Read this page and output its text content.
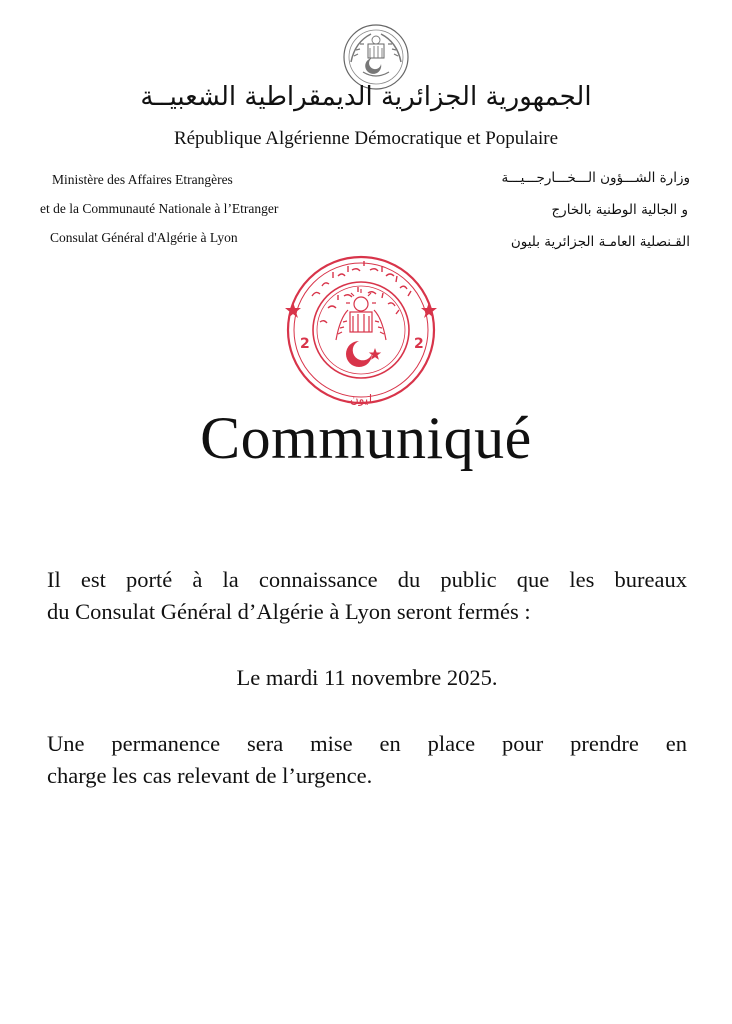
الجمهورية الجزائرية الديمقراطية الشعبيــة
République Algérienne Démocratique et Populaire
Ministère des Affaires Etrangères
et de la Communauté Nationale à l’Etranger
Consulat Général d'Algérie à Lyon
وزارة الشـــؤون الـــخـــارجـــيـــة
و الجالية الوطنية بالخارج
القـنصلية العامـة الجزائرية بليون
2	2
ليون
Communiqué
Il est porté à la connaissance du public que les bureaux
du Consulat Général d’Algérie à Lyon seront fermés :
Le mardi 11 novembre 2025.
Une permanence sera mise en place pour prendre en
charge les cas relevant de l’urgence.
